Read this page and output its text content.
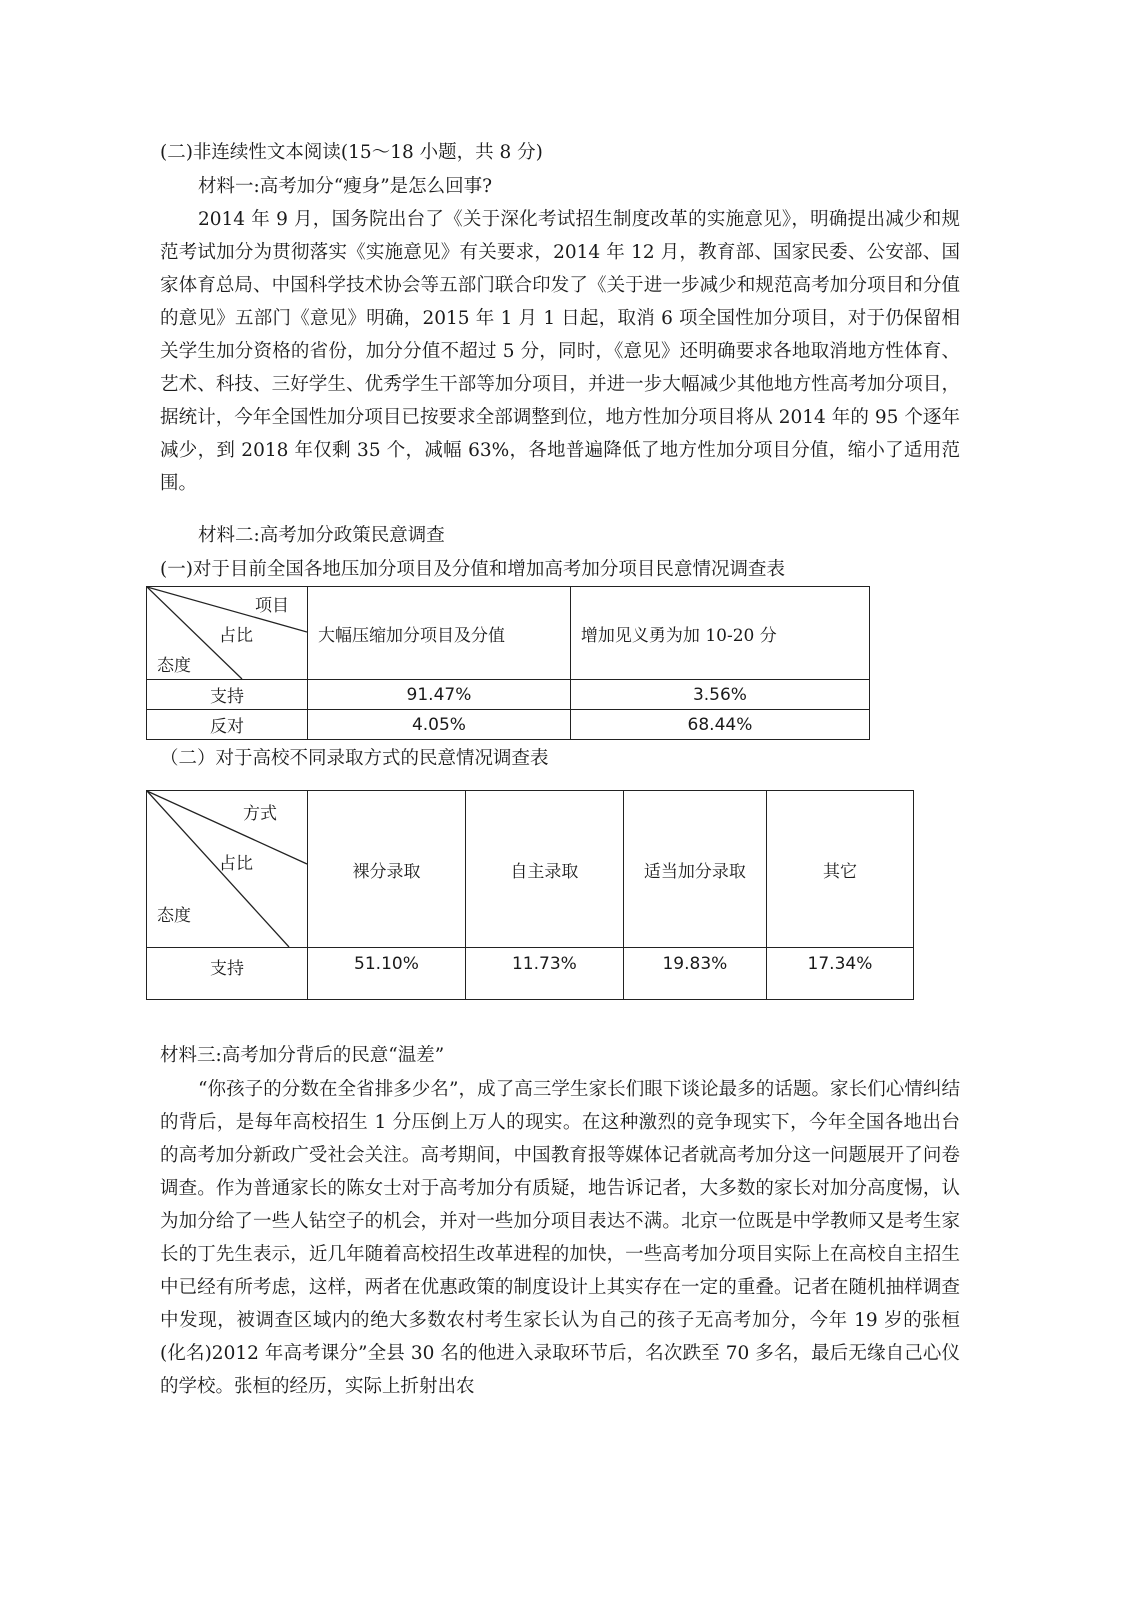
(二)非连续性文本阅读(15～18 小题，共 8 分)
材料一:高考加分“瘦身”是怎么回事?

2014 年 9 月，国务院出台了《关于深化考试招生制度改革的实施意见》，明确提出减少和规范考试加分为贯彻落实《实施意见》有关要求，2014 年 12 月，教育部、国家民委、公安部、国家体育总局、中国科学技术协会等五部门联合印发了《关于进一步减少和规范高考加分项目和分值的意见》五部门《意见》明确，2015 年 1 月 1 日起，取消 6 项全国性加分项目，对于仍保留相关学生加分资格的省份，加分分值不超过 5 分，同时，《意见》还明确要求各地取消地方性体育、艺术、科技、三好学生、优秀学生干部等加分项目，并进一步大幅减少其他地方性高考加分项目，据统计，今年全国性加分项目已按要求全部调整到位，地方性加分项目将从 2014 年的 95 个逐年减少，到 2018 年仅剩 35 个，减幅 63%，各地普遍降低了地方性加分项目分值，缩小了适用范围。

材料二:高考加分政策民意调查
(一)对于目前全国各地压加分项目及分值和增加高考加分项目民意情况调查表
项目
占比
态度	大幅压缩加分项目及分值	增加见义勇为加 10-20 分
支持	91.47%	3.56%
反对	4.05%	68.44%
（二）对于高校不同录取方式的民意情况调查表
方式
占比
态度	裸分录取	自主录取	适当加分录取	其它
支持	51.10%	11.73%	19.83%	17.34%
材料三:高考加分背后的民意“温差”

“你孩子的分数在全省排多少名”，成了高三学生家长们眼下谈论最多的话题。家长们心情纠结的背后，是每年高校招生 1 分压倒上万人的现实。在这种激烈的竞争现实下，今年全国各地出台的高考加分新政广受社会关注。高考期间，中国教育报等媒体记者就高考加分这一问题展开了问卷调查。作为普通家长的陈女士对于高考加分有质疑，地告诉记者，大多数的家长对加分高度惕，认为加分给了一些人钻空子的机会，并对一些加分项目表达不满。北京一位既是中学教师又是考生家长的丁先生表示，近几年随着高校招生改革进程的加快，一些高考加分项目实际上在高校自主招生中已经有所考虑，这样，两者在优惠政策的制度设计上其实存在一定的重叠。记者在随机抽样调查中发现，被调查区域内的绝大多数农村考生家长认为自己的孩子无高考加分，今年 19 岁的张桓(化名)2012 年高考课分”全县 30 名的他进入录取环节后，名次跌至 70 多名，最后无缘自己心仪的学校。张桓的经历，实际上折射出农
